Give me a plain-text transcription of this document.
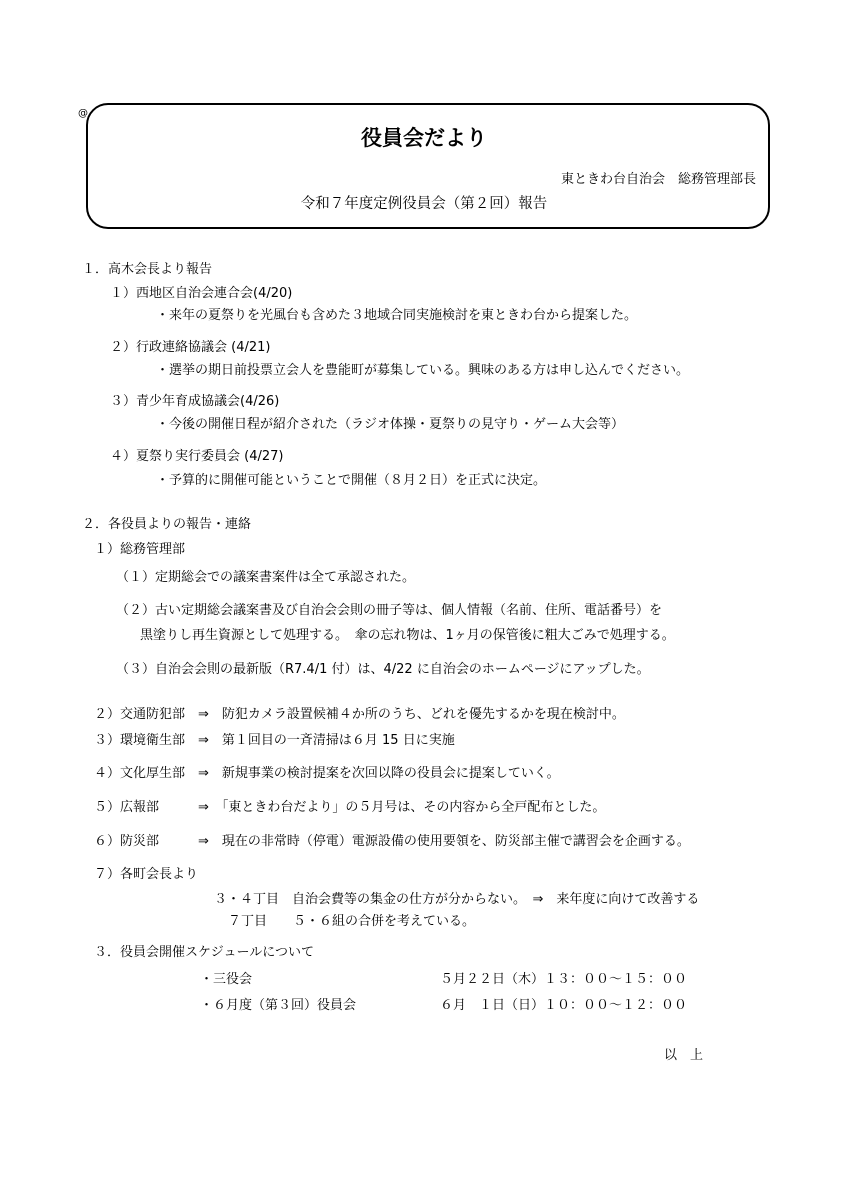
@
役員会だより
東ときわ台自治会　総務管理部長
令和７年度定例役員会（第２回）報告
１．高木会長より報告
１）西地区自治会連合会(4/20)
・来年の夏祭りを光風台も含めた３地域合同実施検討を東ときわ台から提案した。
２）行政連絡協議会 (4/21)
・選挙の期日前投票立会人を豊能町が募集している。興味のある方は申し込んでください。
３）青少年育成協議会(4/26)
・今後の開催日程が紹介された（ラジオ体操・夏祭りの見守り・ゲーム大会等）
４）夏祭り実行委員会 (4/27)
・予算的に開催可能ということで開催（８月２日）を正式に決定。
２．各役員よりの報告・連絡
１）総務管理部
（１）定期総会での議案書案件は全て承認された。
（２）古い定期総会議案書及び自治会会則の冊子等は、個人情報（名前、住所、電話番号）を
黒塗りし再生資源として処理する。　傘の忘れ物は、1ヶ月の保管後に粗大ごみで処理する。
（３）自治会会則の最新版（R7.4/1 付）は、4/22 に自治会のホームページにアップした。
２）交通防犯部　⇒　防犯カメラ設置候補４か所のうち、どれを優先するかを現在検討中。
３）環境衛生部　⇒　第１回目の一斉清掃は６月 15 日に実施
４）文化厚生部　⇒　新規事業の検討提案を次回以降の役員会に提案していく。
５）広報部　　　⇒　「東ときわ台だより」の５月号は、その内容から全戸配布とした。
６）防災部　　　⇒　現在の非常時（停電）電源設備の使用要領を、防災部主催で講習会を企画する。
７）各町会長より
３・４丁目　自治会費等の集金の仕方が分からない。　⇒　来年度に向けて改善する
７丁目　　５・６組の合併を考えている。
３．役員会開催スケジュールについて
・三役会	５月２２日（木）１３：００〜１５：００
・６月度（第３回）役員会	６月　１日（日）１０：００〜１２：００
以　上
